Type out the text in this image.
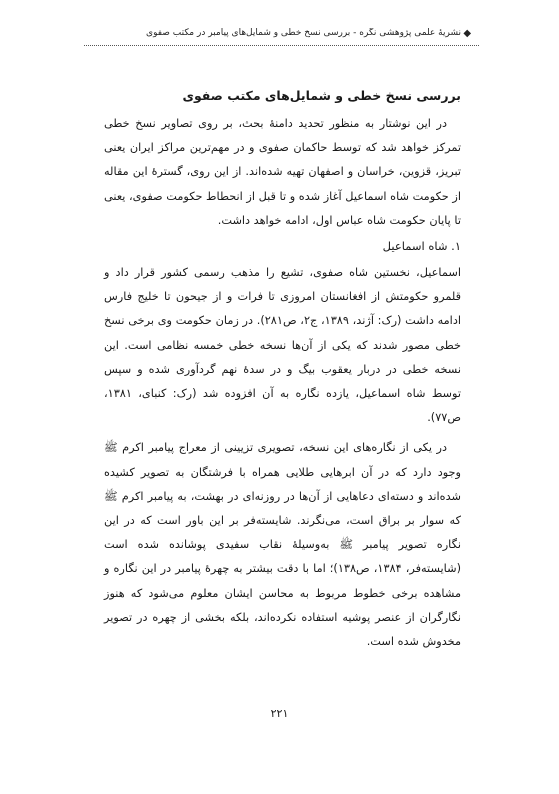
◆
نشریهٔ علمی پژوهشی نگره - بررسی نسخ خطی و شمایل‌های پیامبر در مکتب صفوی
بررسی نسخ خطی و شمایل‌های مکتب صفوی

در این نوشتار به منظور تحدید دامنهٔ بحث، بر روی تصاویر نسخ خطی تمرکز خواهد شد که توسط حاکمان صفوی و در مهم‌ترین مراکز ایران یعنی تبریز، قزوین، خراسان و اصفهان تهیه شده‌اند. از این روی، گسترهٔ این مقاله از حکومت شاه اسماعیل آغاز شده و تا قبل از انحطاط حکومت صفوی، یعنی تا پایان حکومت شاه عباس اول، ادامه خواهد داشت.

۱. شاه اسماعیل

اسماعیل، نخستین شاه صفوی، تشیع را مذهب رسمی کشور قرار داد و قلمرو حکومتش از افغانستان امروزی تا فرات و از جیحون تا خلیج فارس ادامه داشت (رک: آژند، ۱۳۸۹، ج۲، ص۲۸۱). در زمان حکومت وی برخی نسخ خطی مصور شدند که یکی از آن‌ها نسخه خطی خمسه نظامی است. این نسخه خطی در دربار یعقوب بیگ و در سدهٔ نهم گردآوری شده و سپس توسط شاه اسماعیل، یازده نگاره به آن افزوده شد (رک: کنبای، ۱۳۸۱، ص۷۷).

در یکی از نگاره‌های این نسخه، تصویری تزیینی از معراج پیامبر اکرم ﷺ وجود دارد که در آن ابرهایی طلایی همراه با فرشتگان به تصویر کشیده شده‌اند و دسته‌ای دعاهایی از آن‌ها در روزنه‌ای در بهشت، به پیامبر اکرم ﷺ که سوار بر براق است، می‌نگرند. شایسته‌فر بر این باور است که در این نگاره تصویر پیامبر ﷺ به‌وسیلهٔ نقاب سفیدی پوشانده شده است (شایسته‌فر، ۱۳۸۴، ص۱۳۸)؛ اما با دقت بیشتر به چهرهٔ پیامبر در این نگاره و مشاهده برخی خطوط مربوط به محاسن ایشان معلوم می‌شود که هنوز نگارگران از عنصر پوشیه استفاده نکرده‌اند، بلکه بخشی از چهره در تصویر مخدوش شده است.

۲۲۱
